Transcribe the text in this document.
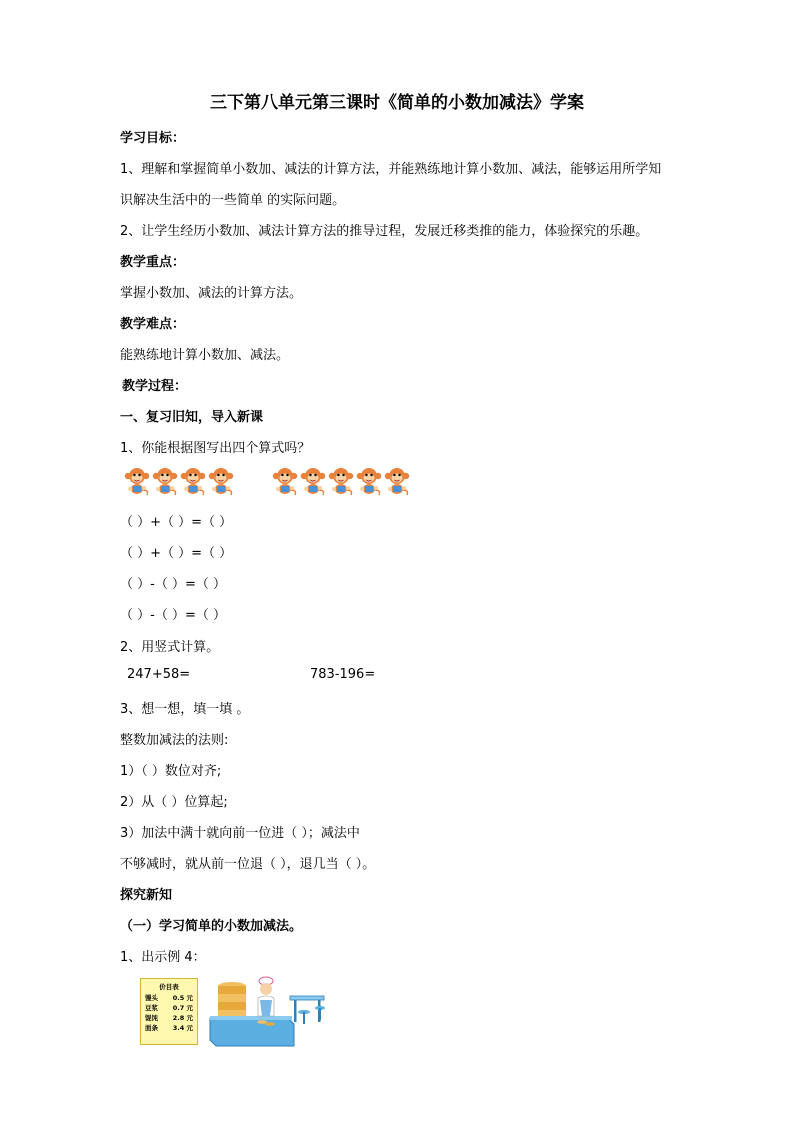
三下第八单元第三课时《简单的小数加减法》学案
学习目标：
1、理解和掌握简单小数加、减法的计算方法，并能熟练地计算小数加、减法，能够运用所学知
识解决生活中的一些简单 的实际问题。
2、让学生经历小数加、减法计算方法的推导过程，发展迁移类推的能力，体验探究的乐趣。
教学重点：
掌握小数加、减法的计算方法。
教学难点：
能熟练地计算小数加、减法。
教学过程：
一、复习旧知，导入新课
1、你能根据图写出四个算式吗？
（ ）+（ ）=（ ）
（ ）+（ ）=（ ）
（ ）-（ ）=（ ）
（ ）-（ ）=（ ）
2、用竖式计算。
247+58=	783-196=
3、想一想，填一填 。
整数加减法的法则:
1）（ ）数位对齐;
2）从（ ）位算起;
3）加法中满十就向前一位进（ ）；减法中
不够减时，就从前一位退（ ），退几当（ ）。
探究新知
（一）学习简单的小数加减法。
1、出示例 4：
价目表
馒头 0.5 元
豆浆 0.7 元
馄饨 2.8 元
面条 3.4 元
